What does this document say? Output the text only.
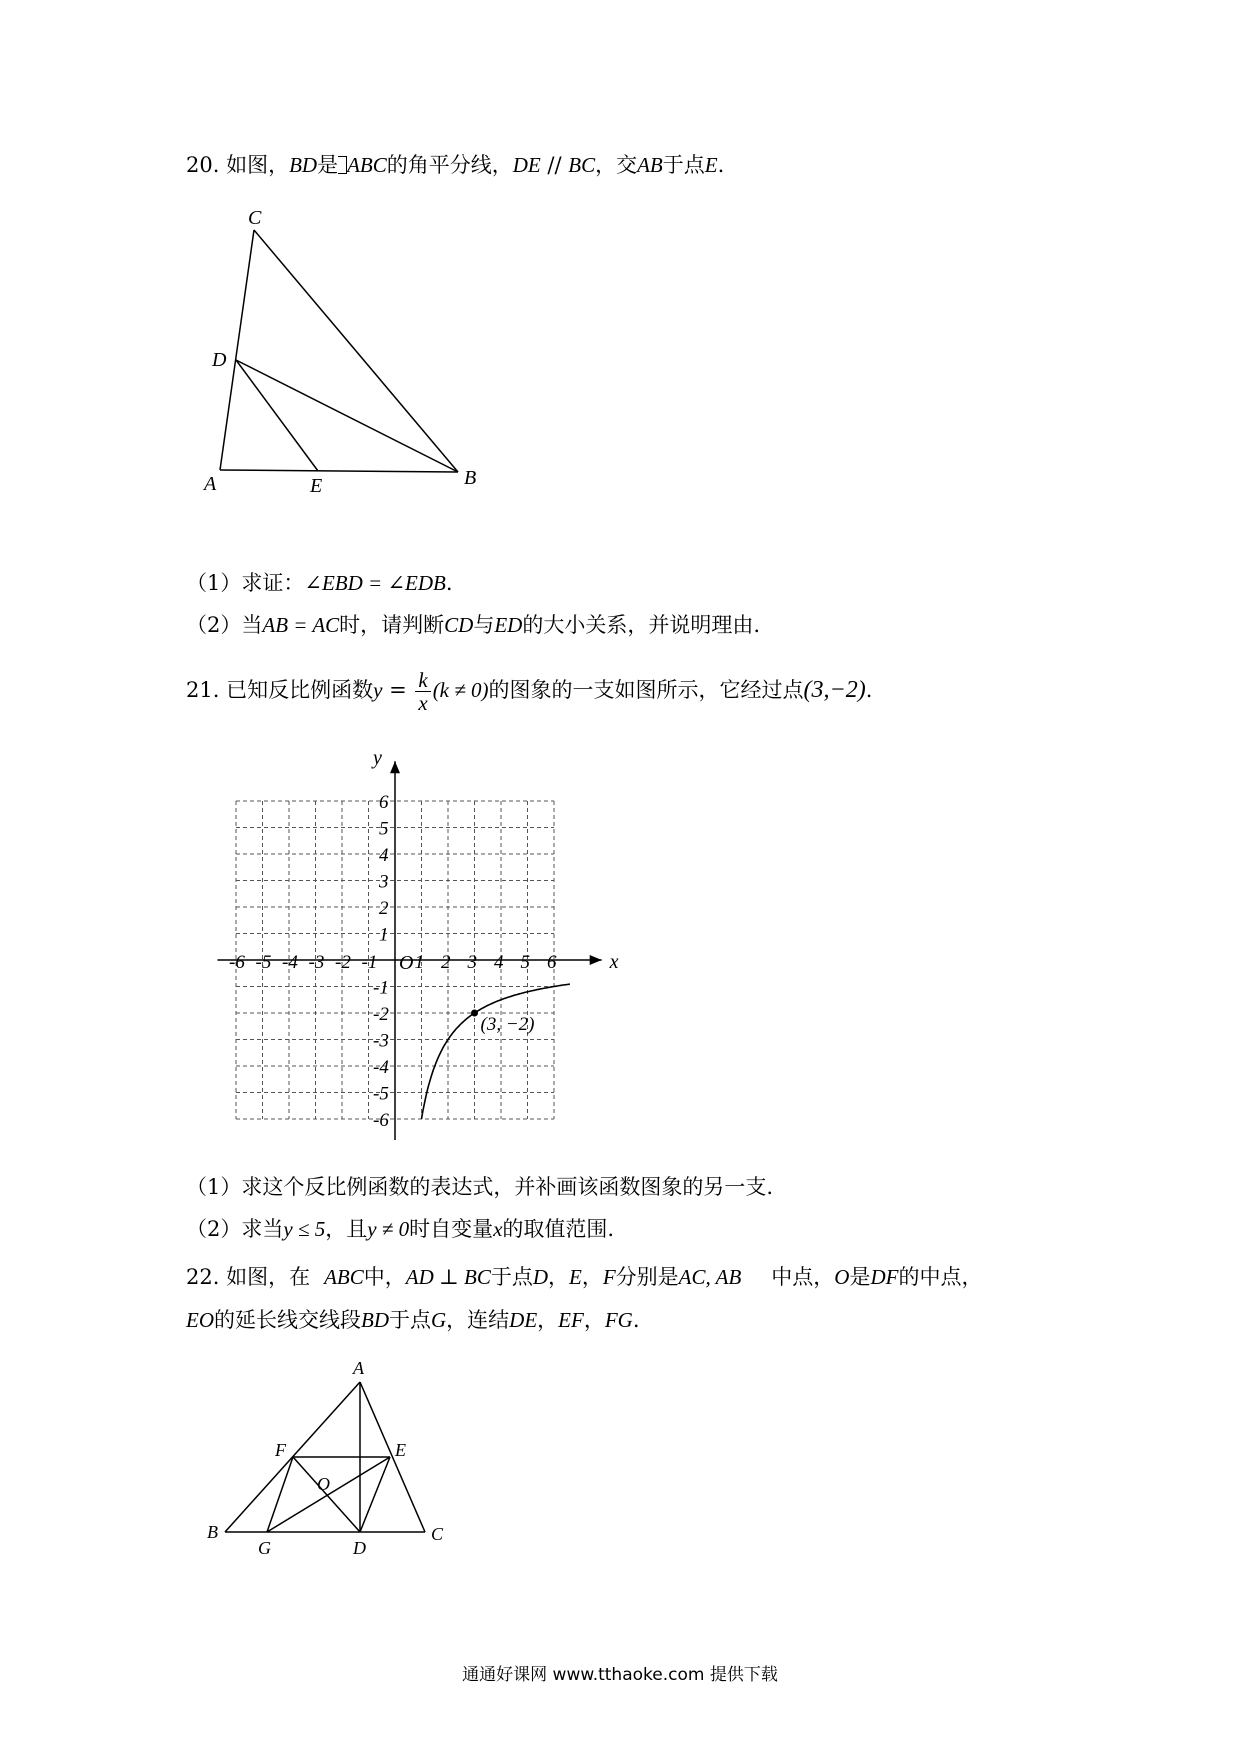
20. 如图，BD是 ABC的角平分线，DE // BC，交AB于点E.
C
D
A	E	B
（1）求证：∠EBD = ∠EDB.
（2）当AB = AC时，请判断CD与ED的大小关系，并说明理由.
21. 已知反比例函数$y = \frac{k}{x} (k \ne 0)$的图象的一支如图所示，它经过点(3,−2).
x
y
O
-6 -5 -4 -3 -2 -1 1 2 3 4 5 6
6
5
4
3
2
1
-1
-2
-3
-4
-5
-6
(3, −2)
（1）求这个反比例函数的表达式，并补画该函数图象的另一支.
（2）求当y ≤ 5，且y ≠ 0时自变量x的取值范围.
22. 如图，在 ABC中，AD ⊥ BC于点D，E，F分别是AC, AB 中点，O是DF的中点，
EO的延长线交线段BD于点G，连结DE，EF，FG.
A
F	E
O
B	C
G	D
通通好课网 www.tthaoke.com 提供下载
